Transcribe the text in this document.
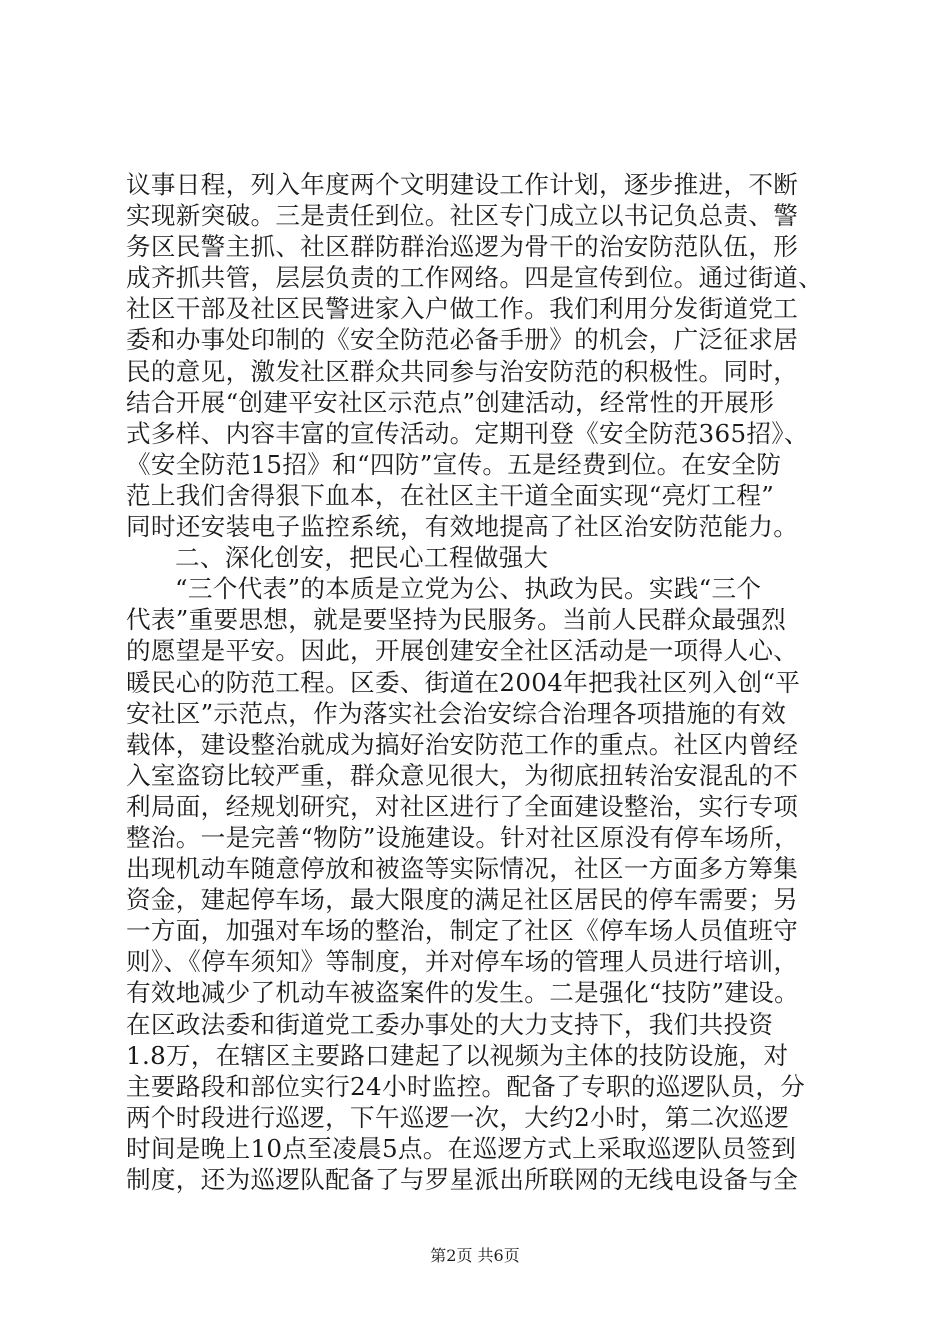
议事日程，列入年度两个文明建设工作计划，逐步推进，不断
实现新突破。三是责任到位。社区专门成立以书记负总责、警
务区民警主抓、社区群防群治巡逻为骨干的治安防范队伍，形
成齐抓共管，层层负责的工作网络。四是宣传到位。通过街道、
社区干部及社区民警进家入户做工作。我们利用分发街道党工
委和办事处印制的《安全防范必备手册》的机会，广泛征求居
民的意见，激发社区群众共同参与治安防范的积极性。同时，
结合开展“创建平安社区示范点”创建活动，经常性的开展形
式多样、内容丰富的宣传活动。定期刊登《安全防范365招》、
《安全防范15招》和“四防”宣传。五是经费到位。在安全防
范上我们舍得狠下血本，在社区主干道全面实现“亮灯工程”
同时还安装电子监控系统，有效地提高了社区治安防范能力。
二、深化创安，把民心工程做强大
“三个代表”的本质是立党为公、执政为民。实践“三个
代表”重要思想，就是要坚持为民服务。当前人民群众最强烈
的愿望是平安。因此，开展创建安全社区活动是一项得人心、
暖民心的防范工程。区委、街道在2004年把我社区列入创“平
安社区”示范点，作为落实社会治安综合治理各项措施的有效
载体，建设整治就成为搞好治安防范工作的重点。社区内曾经
入室盗窃比较严重，群众意见很大，为彻底扭转治安混乱的不
利局面，经规划研究，对社区进行了全面建设整治，实行专项
整治。一是完善“物防”设施建设。针对社区原没有停车场所，
出现机动车随意停放和被盗等实际情况，社区一方面多方筹集
资金，建起停车场，最大限度的满足社区居民的停车需要；另
一方面，加强对车场的整治，制定了社区《停车场人员值班守
则》、《停车须知》等制度，并对停车场的管理人员进行培训，
有效地减少了机动车被盗案件的发生。二是强化“技防”建设。
在区政法委和街道党工委办事处的大力支持下，我们共投资
1.8万，在辖区主要路口建起了以视频为主体的技防设施，对
主要路段和部位实行24小时监控。配备了专职的巡逻队员，分
两个时段进行巡逻，下午巡逻一次，大约2小时，第二次巡逻
时间是晚上10点至凌晨5点。在巡逻方式上采取巡逻队员签到
制度，还为巡逻队配备了与罗星派出所联网的无线电设备与全
第2页 共6页
